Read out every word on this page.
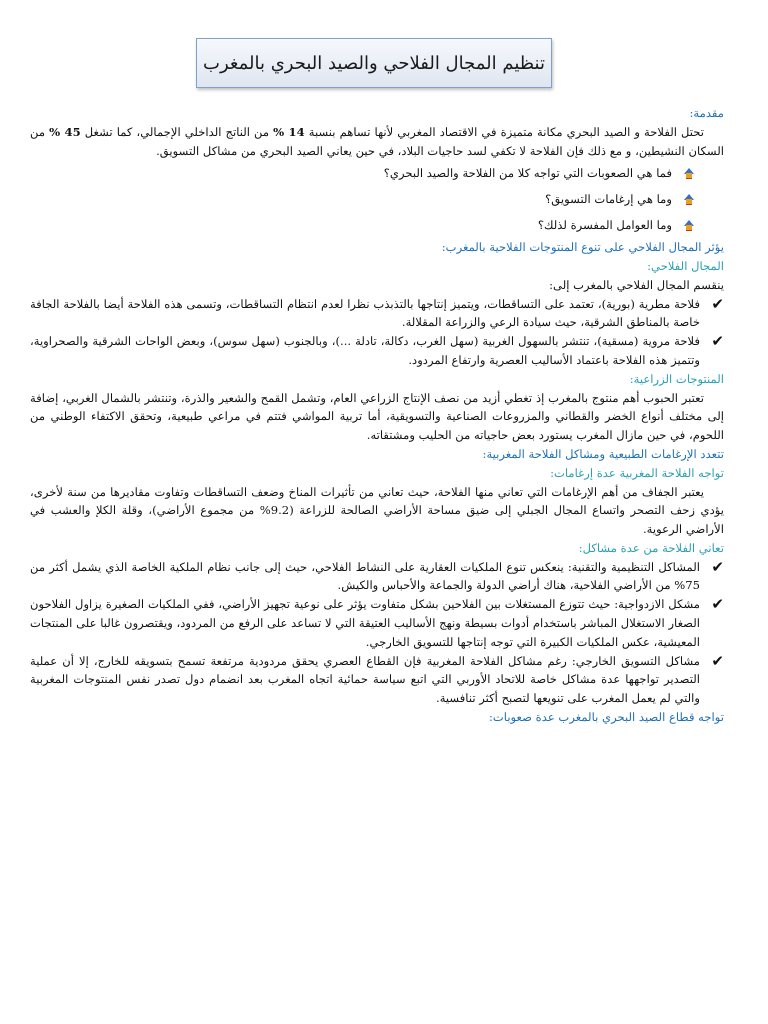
تنظيم المجال الفلاحي والصيد البحري بالمغرب

مقدمة:

تحتل الفلاحة و الصيد البحري مكانة متميزة في الاقتصاد المغربي لأنها تساهم بنسبة 14 % من الناتج الداخلي الإجمالي، كما تشغل 45 % من السكان النشيطين، و مع ذلك فإن الفلاحة لا تكفي لسد حاجيات البلاد، في حين يعاني الصيد البحري من مشاكل التسويق.

فما هي الصعوبات التي تواجه كلا من الفلاحة والصيد البحري؟
وما هي إرغامات التسويق؟
وما العوامل المفسرة لذلك؟

يؤثر المجال الفلاحي على تنوع المنتوجات الفلاحية بالمغرب:

المجال الفلاحي:

ينقسم المجال الفلاحي بالمغرب إلى:

✔
فلاحة مطرية (بورية)، تعتمد على التساقطات، ويتميز إنتاجها بالتذبذب نظرا لعدم انتظام التساقطات، وتسمى هذه الفلاحة أيضا بالفلاحة الجافة خاصة بالمناطق الشرقية، حيث سيادة الرعي والزراعة المقلالة.
✔
فلاحة مروية (مسقية)، تنتشر بالسهول الغربية (سهل الغرب، دكالة، تادلة ...)، وبالجنوب (سهل سوس)، وبعض الواحات الشرقية والصحراوية، وتتميز هذه الفلاحة باعتماد الأساليب العصرية وارتفاع المردود.

المنتوجات الزراعية:

تعتبر الحبوب أهم منتوج بالمغرب إذ تغطي أزيد من نصف الإنتاج الزراعي العام، وتشمل القمح والشعير والذرة، وتنتشر بالشمال الغربي، إضافة إلى مختلف أنواع الخضر والقطاني والمزروعات الصناعية والتسويقية، أما تربية المواشي فتتم في مراعي طبيعية، وتحقق الاكتفاء الوطني من اللحوم، في حين مازال المغرب يستورد بعض حاجياته من الحليب ومشتقاته.

تتعدد الإرغامات الطبيعية ومشاكل الفلاحة المغربية:

تواجه الفلاحة المغربية عدة إرغامات:

يعتبر الجفاف من أهم الإرغامات التي تعاني منها الفلاحة، حيث تعاني من تأثيرات المناخ وضعف التساقطات وتفاوت مقاديرها من سنة لأخرى، يؤدي زحف التصحر واتساع المجال الجبلي إلى ضيق مساحة الأراضي الصالحة للزراعة (9.2% من مجموع الأراضي)، وقلة الكلإ والعشب في الأراضي الرعوية.

تعاني الفلاحة من عدة مشاكل:

✔
المشاكل التنظيمية والتقنية: ينعكس تنوع الملكيات العقارية على النشاط الفلاحي، حيث إلى جانب نظام الملكية الخاصة الذي يشمل أكثر من 75% من الأراضي الفلاحية، هناك أراضي الدولة والجماعة والأحباس والكيش.
✔
مشكل الازدواجية: حيث تتوزع المستغلات بين الفلاحين بشكل متفاوت يؤثر على نوعية تجهيز الأراضي، ففي الملكيات الصغيرة يزاول الفلاحون الصغار الاستغلال المباشر باستخدام أدوات بسيطة ونهج الأساليب العتيقة التي لا تساعد على الرفع من المردود، ويقتصرون غالبا على المنتجات المعيشية، عكس الملكيات الكبيرة التي توجه إنتاجها للتسويق الخارجي.
✔
مشاكل التسويق الخارجي: رغم مشاكل الفلاحة المغربية فإن القطاع العصري يحقق مردودية مرتفعة تسمح بتسويقه للخارج، إلا أن عملية التصدير تواجهها عدة مشاكل خاصة للاتحاد الأوربي التي اتبع سياسة حمائية اتجاه المغرب بعد انضمام دول تصدر نفس المنتوجات المغربية والتي لم يعمل المغرب على تنويعها لتصبح أكثر تنافسية.

تواجه قطاع الصيد البحري بالمغرب عدة صعوبات:
